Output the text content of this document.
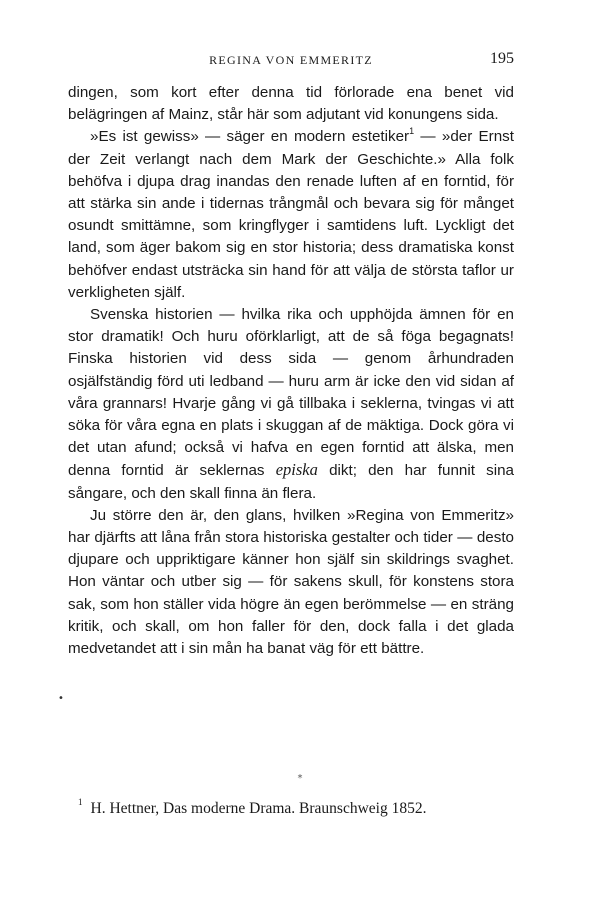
REGINA VON EMMERITZ	195

dingen, som kort efter denna tid förlorade ena benet vid belägringen af Mainz, står här som adjutant vid konungens sida.

»Es ist gewiss» — säger en modern estetiker$^1$ — »der Ernst der Zeit verlangt nach dem Mark der Geschichte.» Alla folk behöfva i djupa drag inandas den renade luften af en forntid, för att stärka sin ande i tidernas trångmål och bevara sig för månget osundt smittämne, som kringflyger i samtidens luft. Lyckligt det land, som äger bakom sig en stor historia; dess dramatiska konst behöfver endast utsträcka sin hand för att välja de största taflor ur verkligheten själf.

Svenska historien — hvilka rika och upphöjda ämnen för en stor dramatik! Och huru oförklarligt, att de så föga begagnats! Finska historien vid dess sida — genom århundraden osjälfständig förd uti ledband — huru arm är icke den vid sidan af våra grannars! Hvarje gång vi gå tillbaka i seklerna, tvingas vi att söka för våra egna en plats i skuggan af de mäktiga. Dock göra vi det utan afund; också vi hafva en egen forntid att älska, men denna forntid är seklernas episka dikt; den har funnit sina sångare, och den skall finna än flera.

Ju större den är, den glans, hvilken »Regina von Emmeritz» har djärfts att låna från stora historiska gestalter och tider — desto djupare och uppriktigare känner hon själf sin skildrings svaghet. Hon väntar och utber sig — för sakens skull, för konstens stora sak, som hon ställer vida högre än egen berömmelse — en sträng kritik, och skall, om hon faller för den, dock falla i det glada medvetandet att i sin mån ha banat väg för ett bättre.

•
*
$^1$ H. Hettner, Das moderne Drama. Braunschweig 1852.
